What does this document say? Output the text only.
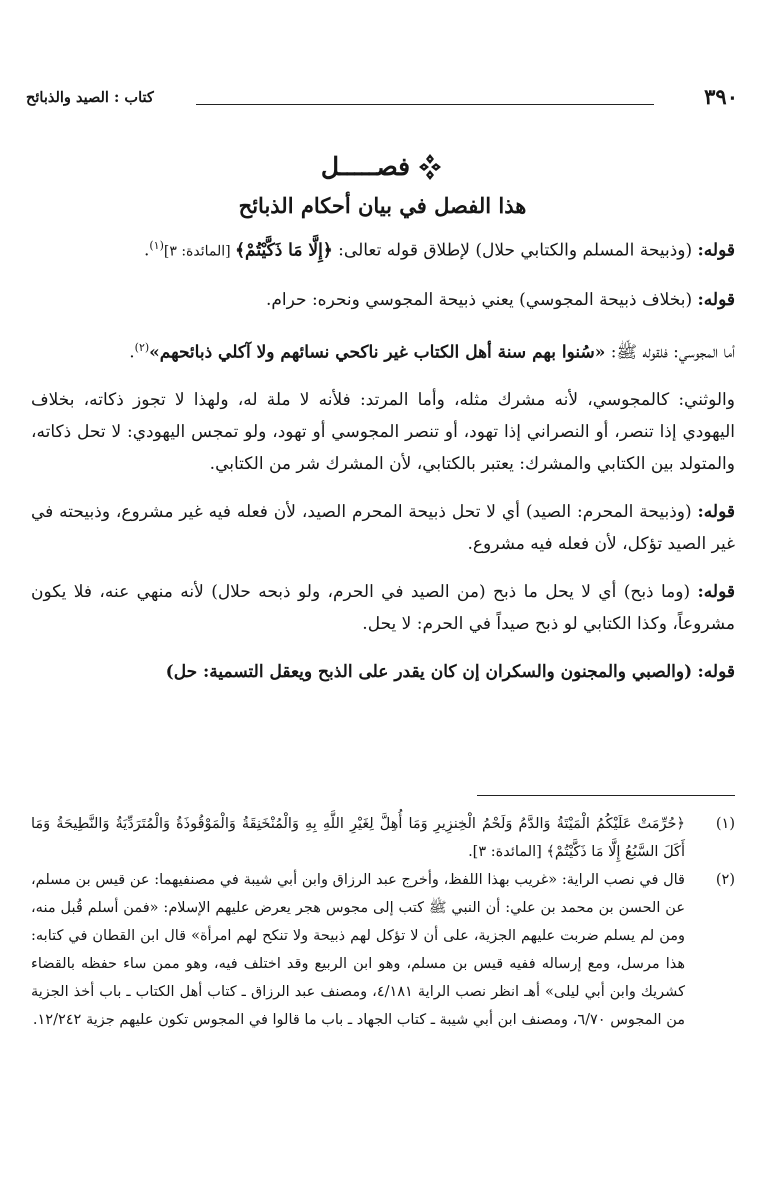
٣٩٠
كتاب : الصيد والذبائح
فصـــــل
هذا الفصل في بيان أحكام الذبائح

قوله: (وذبيحة المسلم والكتابي حلال) لإطلاق قوله تعالى: ﴿إِلَّا مَا ذَكَّيْتُمْ﴾ [المائدة: ٣]$^{(١)}$.

قوله: (بخلاف ذبيحة المجوسي) يعني ذبيحة المجوسي ونحره: حرام.

أما المجوسي: فلقوله ﷺ: «سُنوا بهم سنة أهل الكتاب غير ناكحي نسائهم ولا آكلي ذبائحهم»$^{(٢)}$.

والوثني: كالمجوسي، لأنه مشرك مثله، وأما المرتد: فلأنه لا ملة له، ولهذا لا تجوز ذكاته، بخلاف اليهودي إذا تنصر، أو النصراني إذا تهود، أو تنصر المجوسي أو تهود، ولو تمجس اليهودي: لا تحل ذكاته، والمتولد بين الكتابي والمشرك: يعتبر بالكتابي، لأن المشرك شر من الكتابي.

قوله: (وذبيحة المحرم: الصيد) أي لا تحل ذبيحة المحرم الصيد، لأن فعله فيه غير مشروع، وذبيحته في غير الصيد تؤكل، لأن فعله فيه مشروع.

قوله: (وما ذبح) أي لا يحل ما ذبح (من الصيد في الحرم، ولو ذبحه حلال) لأنه منهي عنه، فلا يكون مشروعاً، وكذا الكتابي لو ذبح صيداً في الحرم: لا يحل.

قوله: (والصبي والمجنون والسكران إن كان يقدر على الذبح ويعقل التسمية: حل)

(١)
﴿حُرِّمَتْ عَلَيْكُمُ الْمَيْتَةُ وَالدَّمُ وَلَحْمُ الْخِنزِيرِ وَمَا أُهِلَّ لِغَيْرِ اللَّهِ بِهِ وَالْمُنْخَنِقَةُ وَالْمَوْقُوذَةُ وَالْمُتَرَدِّيَةُ وَالنَّطِيحَةُ وَمَا أَكَلَ السَّبُعُ إِلَّا مَا ذَكَّيْتُمْ﴾ [المائدة: ٣].
(٢)
قال في نصب الراية: «غريب بهذا اللفظ، وأخرج عبد الرزاق وابن أبي شيبة في مصنفيهما: عن قيس بن مسلم، عن الحسن بن محمد بن علي: أن النبي ﷺ كتب إلى مجوس هجر يعرض عليهم الإسلام: «فمن أسلم قُبل منه، ومن لم يسلم ضربت عليهم الجزية، على أن لا تؤكل لهم ذبيحة ولا تنكح لهم امرأة» قال ابن القطان في كتابه: هذا مرسل، ومع إرساله ففيه قيس بن مسلم، وهو ابن الربيع وقد اختلف فيه، وهو ممن ساء حفظه بالقضاء كشريك وابن أبي ليلى» أهـ انظر نصب الراية ٤/١٨١، ومصنف عبد الرزاق ـ كتاب أهل الكتاب ـ باب أخذ الجزية من المجوس ٦/٧٠، ومصنف ابن أبي شيبة ـ كتاب الجهاد ـ باب ما قالوا في المجوس تكون عليهم جزية ١٢/٢٤٢.
